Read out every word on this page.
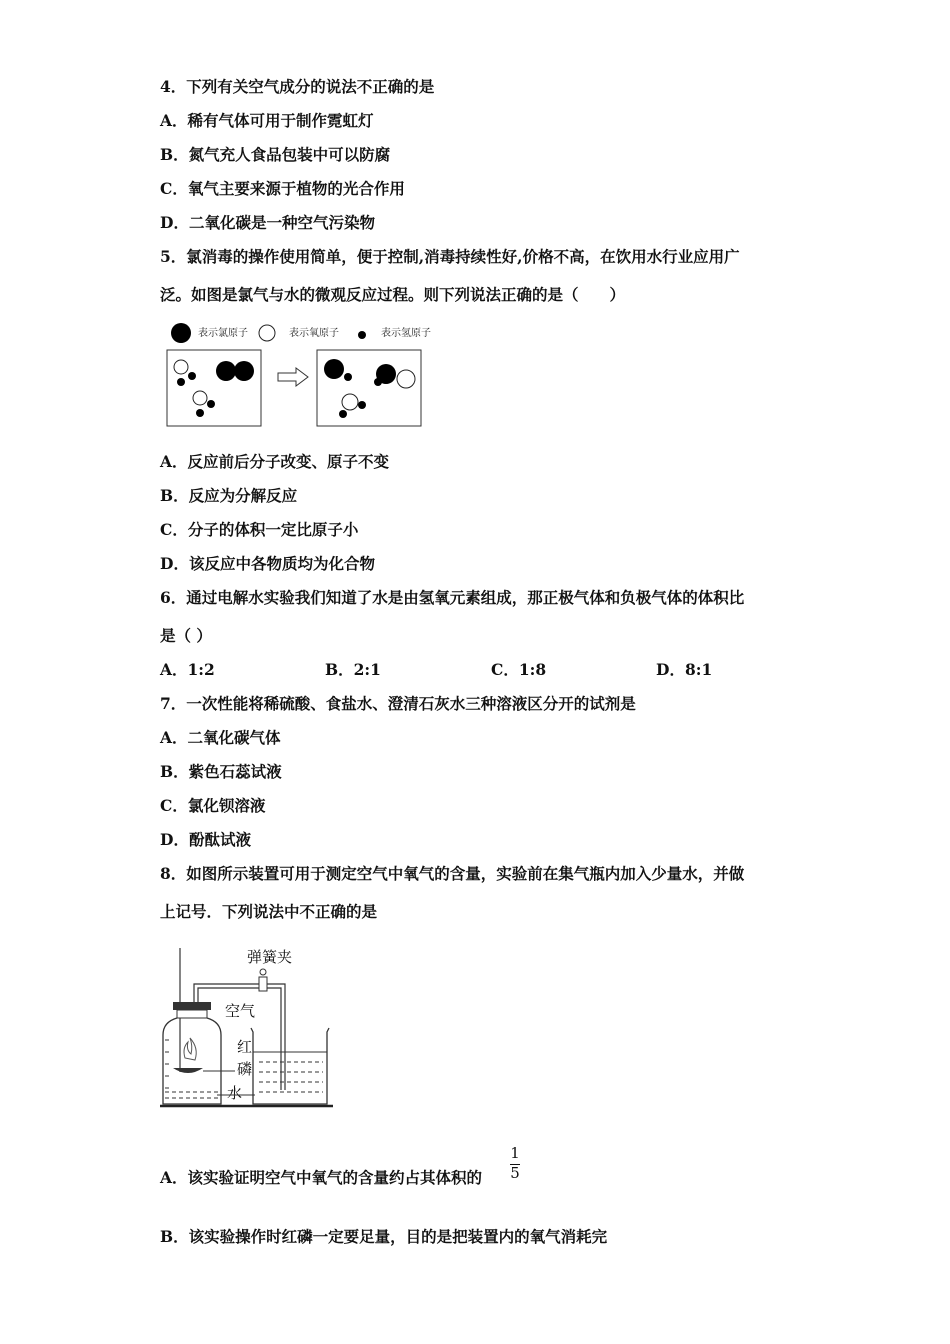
4．下列有关空气成分的说法不正确的是
A．稀有气体可用于制作霓虹灯
B．氮气充人食品包装中可以防腐
C．氧气主要来源于植物的光合作用
D．二氧化碳是一种空气污染物
5．氯消毒的操作使用简单，便于控制,消毒持续性好,价格不高，在饮用水行业应用广
泛。如图是氯气与水的微观反应过程。则下列说法正确的是（　　）
表示氯原子	表示氧原子	表示氢原子
A．反应前后分子改变、原子不变
B．反应为分解反应
C．分子的体积一定比原子小
D．该反应中各物质均为化合物
6．通过电解水实验我们知道了水是由氢氧元素组成，那正极气体和负极气体的体积比
是（ ）
A．1:2	B．2:1	C．1:8	D．8:1
7．一次性能将稀硫酸、食盐水、澄清石灰水三种溶液区分开的试剂是
A．二氧化碳气体
B．紫色石蕊试液
C．氯化钡溶液
D．酚酞试液
8．如图所示装置可用于测定空气中氧气的含量，实验前在集气瓶内加入少量水，并做
上记号．下列说法中不正确的是
弹簧夹
空气
红
磷
水
A．该实验证明空气中氧气的含量约占其体积的
1
5
B．该实验操作时红磷一定要足量，目的是把装置内的氧气消耗完
